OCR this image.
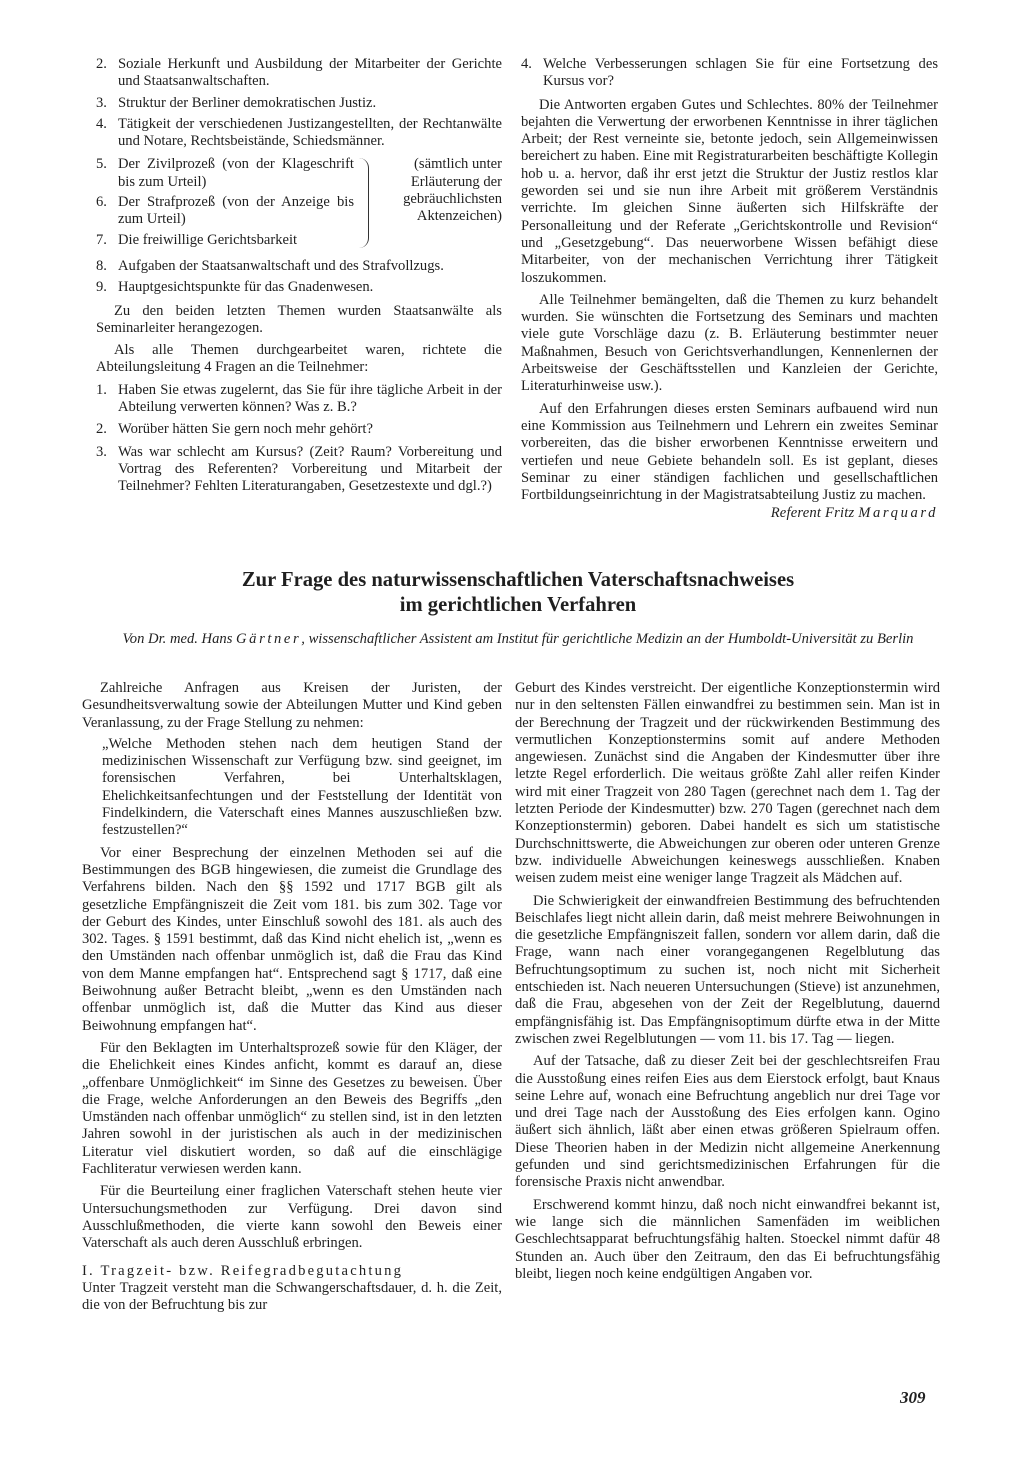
2. Soziale Herkunft und Ausbildung der Mitarbeiter der Gerichte und Staatsanwaltschaften.
3. Struktur der Berliner demokratischen Justiz.
4. Tätigkeit der verschiedenen Justizangestellten, der Rechtanwälte und Notare, Rechtsbeistände, Schiedsmänner.
5. Der Zivilprozeß (von der Klageschrift bis zum Urteil)
6. Der Strafprozeß (von der Anzeige bis zum Urteil)
7. Die freiwillige Gerichtsbarkeit
(sämtlich unter Erläuterung der gebräuchlichsten Aktenzeichen)
8. Aufgaben der Staatsanwaltschaft und des Strafvollzugs.
9. Hauptgesichtspunkte für das Gnadenwesen.

Zu den beiden letzten Themen wurden Staatsanwälte als Seminarleiter herangezogen.

Als alle Themen durchgearbeitet waren, richtete die Abteilungsleitung 4 Fragen an die Teilnehmer:

1. Haben Sie etwas zugelernt, das Sie für ihre tägliche Arbeit in der Abteilung verwerten können? Was z. B.?
2. Worüber hätten Sie gern noch mehr gehört?
3. Was war schlecht am Kursus? (Zeit? Raum? Vorbereitung und Vortrag des Referenten? Vorbereitung und Mitarbeit der Teilnehmer? Fehlten Literaturangaben, Gesetzestexte und dgl.?)
4. Welche Verbesserungen schlagen Sie für eine Fortsetzung des Kursus vor?

Die Antworten ergaben Gutes und Schlechtes. 80% der Teilnehmer bejahten die Verwertung der erworbenen Kenntnisse in ihrer täglichen Arbeit; der Rest verneinte sie, betonte jedoch, sein Allgemeinwissen bereichert zu haben. Eine mit Registraturarbeiten beschäftigte Kollegin hob u. a. hervor, daß ihr erst jetzt die Struktur der Justiz restlos klar geworden sei und sie nun ihre Arbeit mit größerem Verständnis verrichte. Im gleichen Sinne äußerten sich Hilfskräfte der Personalleitung und der Referate „Gerichtskontrolle und Revision“ und „Gesetzgebung“. Das neuerworbene Wissen befähigt diese Mitarbeiter, von der mechanischen Verrichtung ihrer Tätigkeit loszukommen.

Alle Teilnehmer bemängelten, daß die Themen zu kurz behandelt wurden. Sie wünschten die Fortsetzung des Seminars und machten viele gute Vorschläge dazu (z. B. Erläuterung bestimmter neuer Maßnahmen, Besuch von Gerichtsverhandlungen, Kennenlernen der Arbeitsweise der Geschäftsstellen und Kanzleien der Gerichte, Literaturhinweise usw.).

Auf den Erfahrungen dieses ersten Seminars aufbauend wird nun eine Kommission aus Teilnehmern und Lehrern ein zweites Seminar vorbereiten, das die bisher erworbenen Kenntnisse erweitern und vertiefen und neue Gebiete behandeln soll. Es ist geplant, dieses Seminar zu einer ständigen fachlichen und gesellschaftlichen Fortbildungseinrichtung in der Magistratsabteilung Justiz zu machen.

Referent Fritz Marquard
Zur Frage des naturwissenschaftlichen Vaterschaftsnachweises
im gerichtlichen Verfahren
Von Dr. med. Hans Gärtner, wissenschaftlicher Assistent am Institut für gerichtliche Medizin an der Humboldt-Universität zu Berlin

Zahlreiche Anfragen aus Kreisen der Juristen, der Gesundheitsverwaltung sowie der Abteilungen Mutter und Kind geben Veranlassung, zu der Frage Stellung zu nehmen:

„Welche Methoden stehen nach dem heutigen Stand der medizinischen Wissenschaft zur Verfügung bzw. sind geeignet, im forensischen Verfahren, bei Unterhaltsklagen, Ehelichkeitsanfechtungen und der Feststellung der Identität von Findelkindern, die Vaterschaft eines Mannes auszuschließen bzw. festzustellen?“

Vor einer Besprechung der einzelnen Methoden sei auf die Bestimmungen des BGB hingewiesen, die zumeist die Grundlage des Verfahrens bilden. Nach den §§ 1592 und 1717 BGB gilt als gesetzliche Empfängniszeit die Zeit vom 181. bis zum 302. Tage vor der Geburt des Kindes, unter Einschluß sowohl des 181. als auch des 302. Tages. § 1591 bestimmt, daß das Kind nicht ehelich ist, „wenn es den Umständen nach offenbar unmöglich ist, daß die Frau das Kind von dem Manne empfangen hat“. Entsprechend sagt § 1717, daß eine Beiwohnung außer Betracht bleibt, „wenn es den Umständen nach offenbar unmöglich ist, daß die Mutter das Kind aus dieser Beiwohnung empfangen hat“.

Für den Beklagten im Unterhaltsprozeß sowie für den Kläger, der die Ehelichkeit eines Kindes anficht, kommt es darauf an, diese „offenbare Unmöglichkeit“ im Sinne des Gesetzes zu beweisen. Über die Frage, welche Anforderungen an den Beweis des Begriffs „den Umständen nach offenbar unmöglich“ zu stellen sind, ist in den letzten Jahren sowohl in der juristischen als auch in der medizinischen Literatur viel diskutiert worden, so daß auf die einschlägige Fachliteratur verwiesen werden kann.

Für die Beurteilung einer fraglichen Vaterschaft stehen heute vier Untersuchungsmethoden zur Verfügung. Drei davon sind Ausschlußmethoden, die vierte kann sowohl den Beweis einer Vaterschaft als auch deren Ausschluß erbringen.

I. Tragzeit- bzw. Reifegradbegutachtung

Unter Tragzeit versteht man die Schwangerschaftsdauer, d. h. die Zeit, die von der Befruchtung bis zur

Geburt des Kindes verstreicht. Der eigentliche Konzeptionstermin wird nur in den seltensten Fällen einwandfrei zu bestimmen sein. Man ist in der Berechnung der Tragzeit und der rückwirkenden Bestimmung des vermutlichen Konzeptionstermins somit auf andere Methoden angewiesen. Zunächst sind die Angaben der Kindesmutter über ihre letzte Regel erforderlich. Die weitaus größte Zahl aller reifen Kinder wird mit einer Tragzeit von 280 Tagen (gerechnet nach dem 1. Tag der letzten Periode der Kindesmutter) bzw. 270 Tagen (gerechnet nach dem Konzeptionstermin) geboren. Dabei handelt es sich um statistische Durchschnittswerte, die Abweichungen zur oberen oder unteren Grenze bzw. individuelle Abweichungen keineswegs ausschließen. Knaben weisen zudem meist eine weniger lange Tragzeit als Mädchen auf.

Die Schwierigkeit der einwandfreien Bestimmung des befruchtenden Beischlafes liegt nicht allein darin, daß meist mehrere Beiwohnungen in die gesetzliche Empfängniszeit fallen, sondern vor allem darin, daß die Frage, wann nach einer vorangegangenen Regelblutung das Befruchtungsoptimum zu suchen ist, noch nicht mit Sicherheit entschieden ist. Nach neueren Untersuchungen (Stieve) ist anzunehmen, daß die Frau, abgesehen von der Zeit der Regelblutung, dauernd empfängnisfähig ist. Das Empfängnisoptimum dürfte etwa in der Mitte zwischen zwei Regelblutungen — vom 11. bis 17. Tag — liegen.

Auf der Tatsache, daß zu dieser Zeit bei der geschlechtsreifen Frau die Ausstoßung eines reifen Eies aus dem Eierstock erfolgt, baut Knaus seine Lehre auf, wonach eine Befruchtung angeblich nur drei Tage vor und drei Tage nach der Ausstoßung des Eies erfolgen kann. Ogino äußert sich ähnlich, läßt aber einen etwas größeren Spielraum offen. Diese Theorien haben in der Medizin nicht allgemeine Anerkennung gefunden und sind gerichtsmedizinischen Erfahrungen für die forensische Praxis nicht anwendbar.

Erschwerend kommt hinzu, daß noch nicht einwandfrei bekannt ist, wie lange sich die männlichen Samenfäden im weiblichen Geschlechtsapparat befruchtungsfähig halten. Stoeckel nimmt dafür 48 Stunden an. Auch über den Zeitraum, den das Ei befruchtungsfähig bleibt, liegen noch keine endgültigen Angaben vor.

309
